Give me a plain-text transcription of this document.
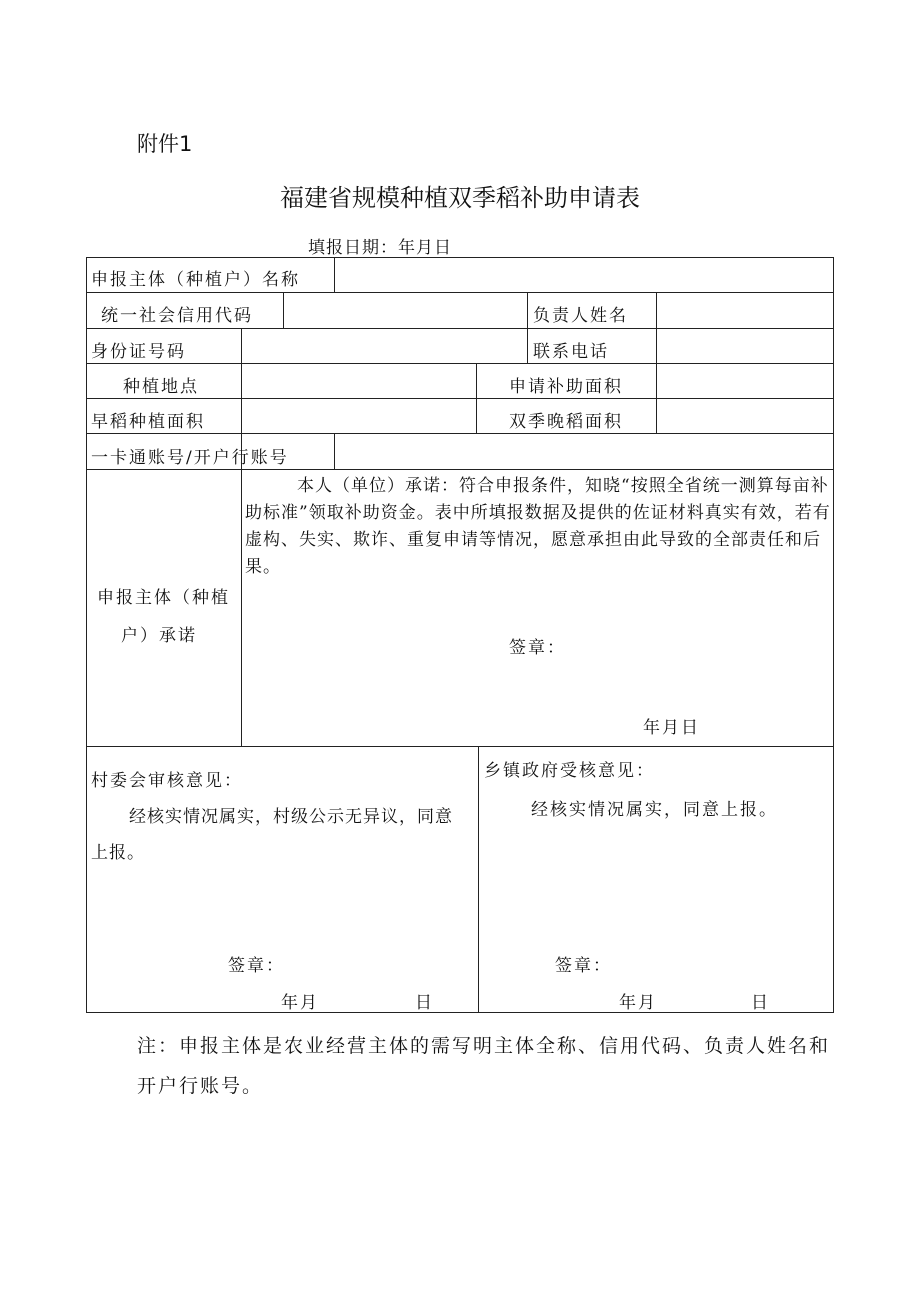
附件1
福建省规模种植双季稻补助申请表
填报日期：年月日
申报主体（种植户）名称
统一社会信用代码	负责人姓名
身份证号码	联系电话
种植地点	申请补助面积
早稻种植面积	双季晚稻面积
一卡通账号/开户行账号
申报主体（种植
户）承诺
本人（单位）承诺：符合申报条件，知晓“按照全省统一测算每亩补助标准”领取补助资金。表中所填报数据及提供的佐证材料真实有效，若有虚构、失实、欺诈、重复申请等情况，愿意承担由此导致的全部责任和后果。
签章：
年月日
村委会审核意见：
经核实情况属实，村级公示无异议，同意上报。
签章：
年月	日
乡镇政府受核意见：
经核实情况属实，同意上报。
签章：
年月	日
注：申报主体是农业经营主体的需写明主体全称、信用代码、负责人姓名和开户行账号。
